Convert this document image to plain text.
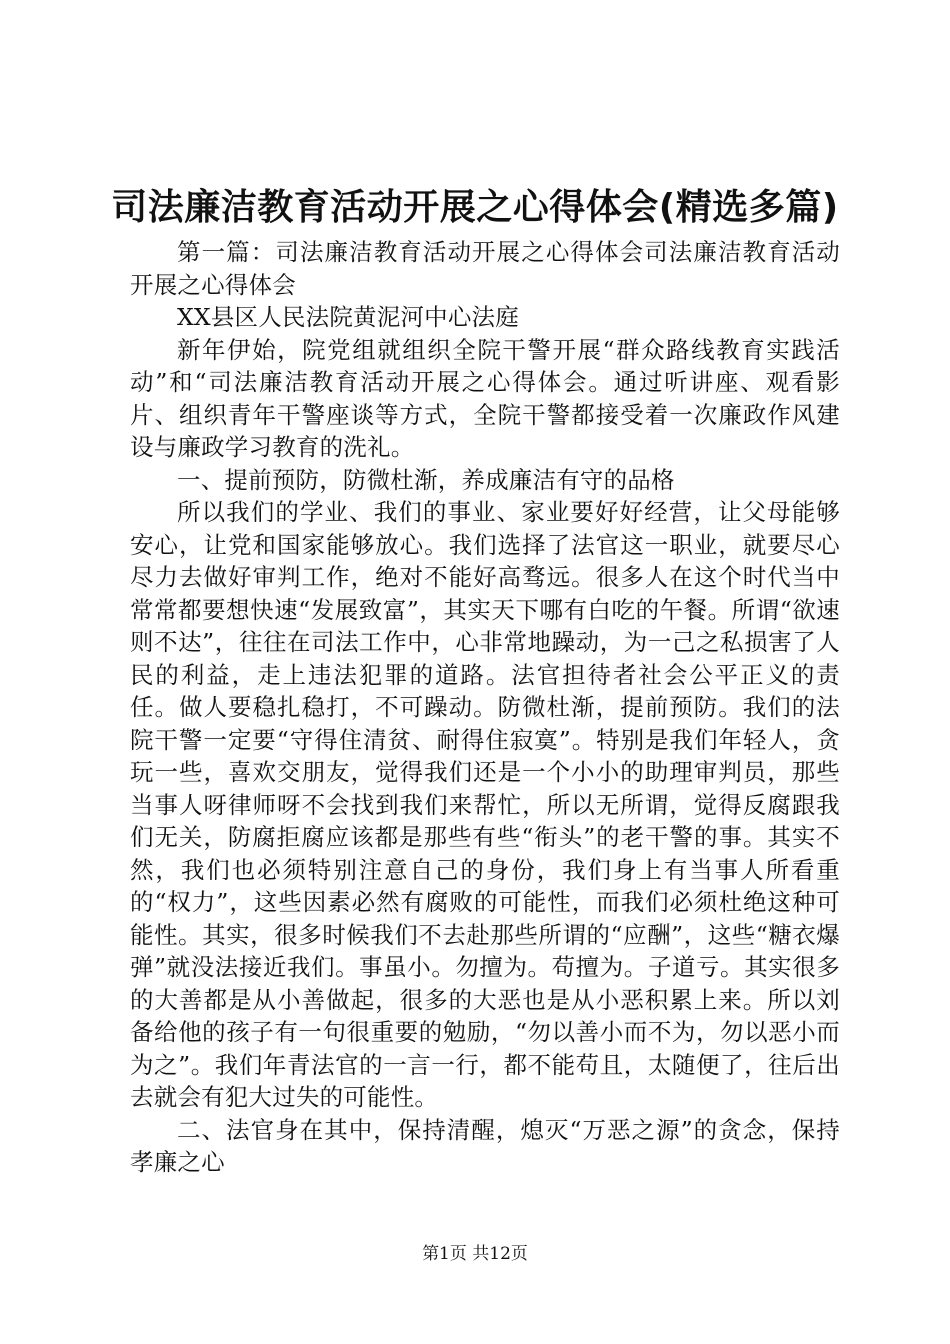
司法廉洁教育活动开展之心得体会(精选多篇)

第一篇：司法廉洁教育活动开展之心得体会司法廉洁教育活动开展之心得体会

XX县区人民法院黄泥河中心法庭

新年伊始，院党组就组织全院干警开展“群众路线教育实践活动”和“司法廉洁教育活动开展之心得体会。通过听讲座、观看影片、组织青年干警座谈等方式，全院干警都接受着一次廉政作风建设与廉政学习教育的洗礼。

一、提前预防，防微杜渐，养成廉洁有守的品格

所以我们的学业、我们的事业、家业要好好经营，让父母能够安心，让党和国家能够放心。我们选择了法官这一职业，就要尽心尽力去做好审判工作，绝对不能好高骛远。很多人在这个时代当中常常都要想快速“发展致富”，其实天下哪有白吃的午餐。所谓“欲速则不达”，往往在司法工作中，心非常地躁动，为一己之私损害了人民的利益，走上违法犯罪的道路。法官担待者社会公平正义的责任。做人要稳扎稳打，不可躁动。防微杜渐，提前预防。我们的法院干警一定要“守得住清贫、耐得住寂寞”。特别是我们年轻人，贪玩一些，喜欢交朋友，觉得我们还是一个小小的助理审判员，那些当事人呀律师呀不会找到我们来帮忙，所以无所谓，觉得反腐跟我们无关，防腐拒腐应该都是那些有些“衔头”的老干警的事。其实不然，我们也必须特别注意自己的身份，我们身上有当事人所看重的“权力”，这些因素必然有腐败的可能性，而我们必须杜绝这种可能性。其实，很多时候我们不去赴那些所谓的“应酬”，这些“糖衣爆弹”就没法接近我们。事虽小。勿擅为。苟擅为。子道亏。其实很多的大善都是从小善做起，很多的大恶也是从小恶积累上来。所以刘备给他的孩子有一句很重要的勉励，“勿以善小而不为，勿以恶小而为之”。我们年青法官的一言一行，都不能苟且，太随便了，往后出去就会有犯大过失的可能性。

二、法官身在其中，保持清醒，熄灭“万恶之源”的贪念，保持孝廉之心

第1页 共12页
